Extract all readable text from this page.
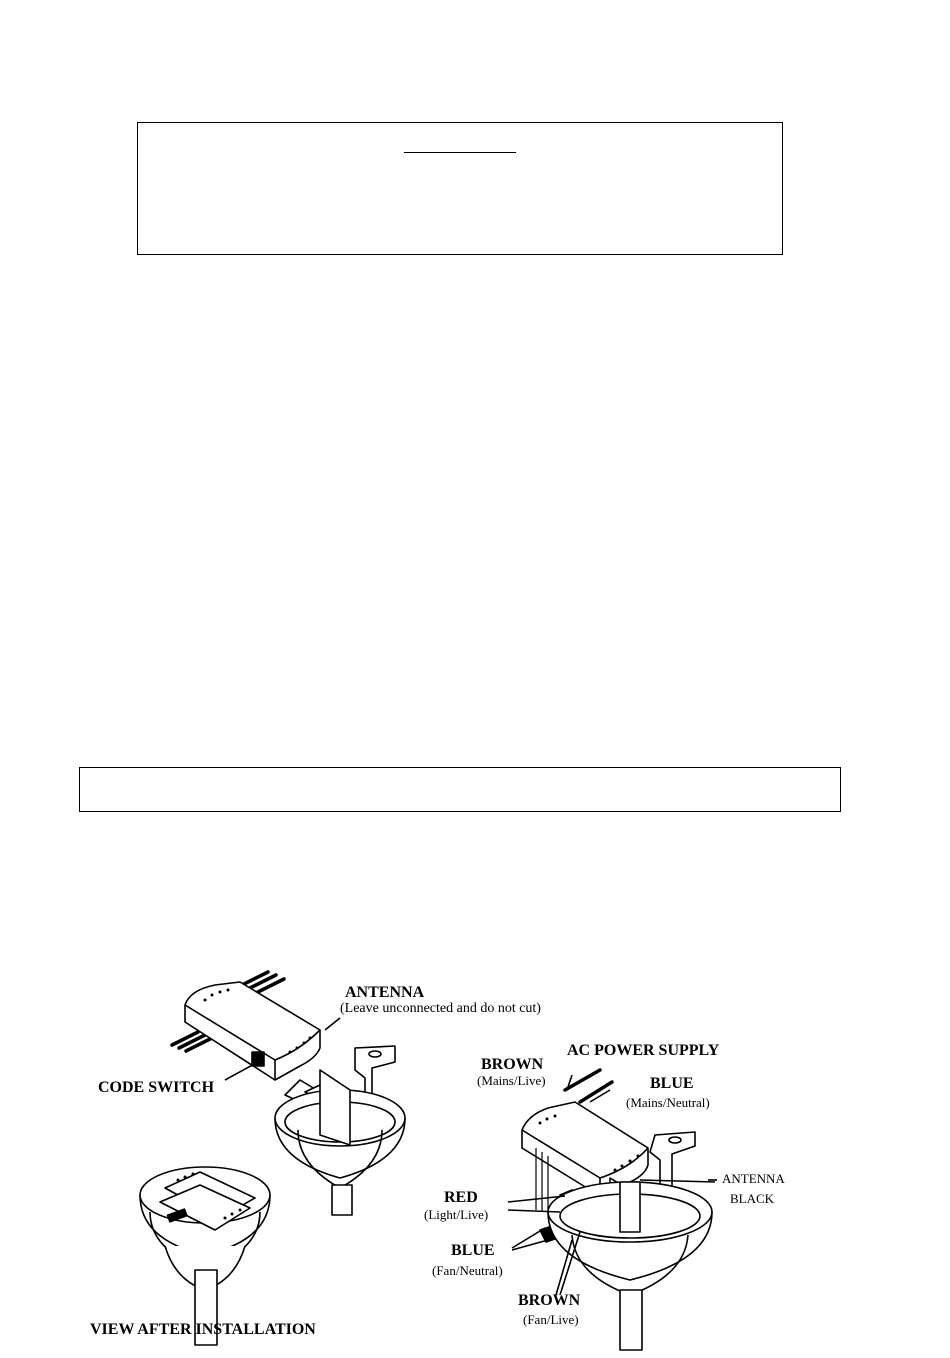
ANTENNA
(Leave unconnected and do not cut)
CODE SWITCH
VIEW AFTER INSTALLATION
AC POWER SUPPLY
BROWN
(Mains/Live)	BLUE
(Mains/Neutral)
ANTENNA
BLACK
RED
(Light/Live)
BLUE
(Fan/Neutral)
BROWN
(Fan/Live)
